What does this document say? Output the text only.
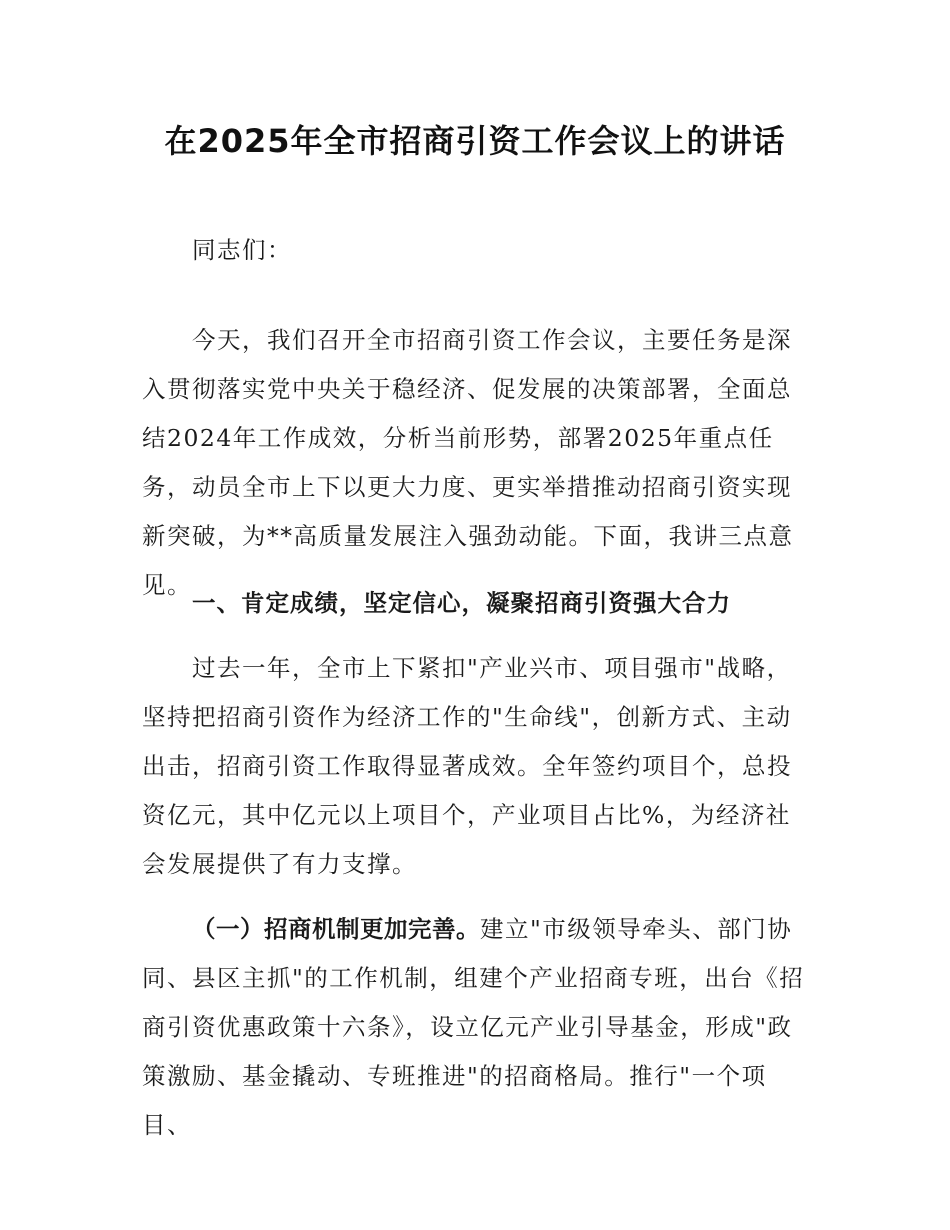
在2025年全市招商引资工作会议上的讲话

同志们：

今天，我们召开全市招商引资工作会议，主要任务是深入贯彻落实党中央关于稳经济、促发展的决策部署，全面总结2024年工作成效，分析当前形势，部署2025年重点任务，动员全市上下以更大力度、更实举措推动招商引资实现新突破，为**高质量发展注入强劲动能。下面，我讲三点意见。

一、肯定成绩，坚定信心，凝聚招商引资强大合力

过去一年，全市上下紧扣"产业兴市、项目强市"战略，坚持把招商引资作为经济工作的"生命线"，创新方式、主动出击，招商引资工作取得显著成效。全年签约项目个，总投资亿元，其中亿元以上项目个，产业项目占比%，为经济社会发展提供了有力支撑。

（一）招商机制更加完善。建立"市级领导牵头、部门协同、县区主抓"的工作机制，组建个产业招商专班，出台《招商引资优惠政策十六条》，设立亿元产业引导基金，形成"政策激励、基金撬动、专班推进"的招商格局。推行"一个项目、
